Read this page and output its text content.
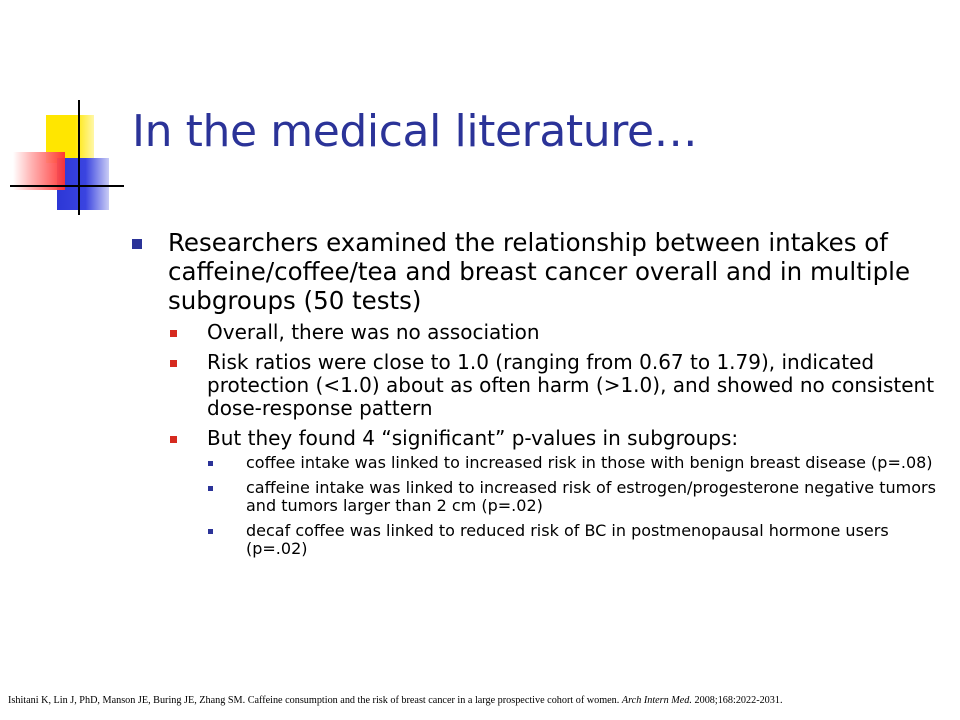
In the medical literature…
Researchers examined the relationship between intakes of caffeine/coffee/tea and breast cancer overall and in multiple subgroups (50 tests)
Overall, there was no association
Risk ratios were close to 1.0 (ranging from 0.67 to 1.79), indicated protection (<1.0) about as often harm (>1.0), and showed no consistent dose-response pattern
But they found 4 “significant” p-values in subgroups:
coffee intake was linked to increased risk in those with benign breast disease (p=.08)
caffeine intake was linked to increased risk of estrogen/progesterone negative tumors and tumors larger than 2 cm (p=.02)
decaf coffee was linked to reduced risk of BC in postmenopausal hormone users (p=.02)
Ishitani K, Lin J, PhD, Manson JE, Buring JE, Zhang SM. Caffeine consumption and the risk of breast cancer in a large prospective cohort of women. Arch Intern Med. 2008;168:2022-2031.
